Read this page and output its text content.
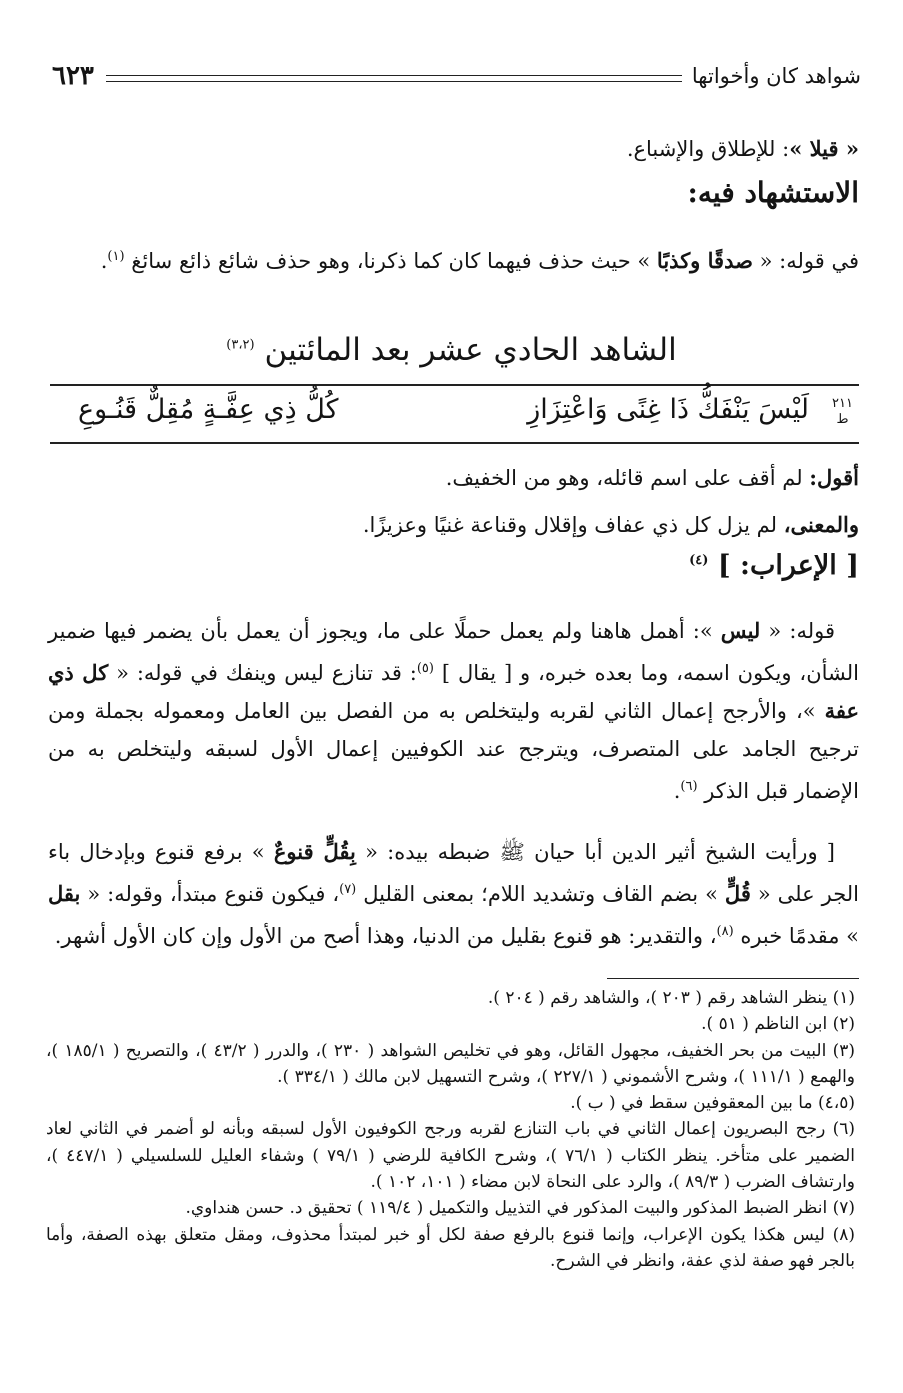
شواهد كان وأخواتها
٦٢٣
« قيلا »: للإطلاق والإشباع.
الاستشهاد فيه:
في قوله: « صدقًا وكذبًا » حيث حذف فيهما كان كما ذكرنا، وهو حذف شائع ذائع سائغ $^{(١)}$.
الشاهد الحادي عشر بعد المائتين $^{(٣،٢)}$
٢١١
ط
لَيْسَ يَنْفَكُّ ذَا غِنًى وَاعْتِزَازِ
كُلُّ ذِي عِفَّـةٍ مُقِلٌّ قَنُـوعِ
أقول: لم أقف على اسم قائله، وهو من الخفيف.
والمعنى، لم يزل كل ذي عفاف وإقلال وقناعة غنيًا وعزيزًا.
[ الإعراب: ] $^{(٤)}$
قوله: « ليس »: أهمل هاهنا ولم يعمل حملًا على ما، ويجوز أن يعمل بأن يضمر فيها ضمير الشأن، ويكون اسمه، وما بعده خبره، و [ يقال ] $^{(٥)}$: قد تنازع ليس وينفك في قوله: « كل ذي عفة »، والأرجح إعمال الثاني لقربه وليتخلص به من الفصل بين العامل ومعموله بجملة ومن ترجيح الجامد على المتصرف، ويترجح عند الكوفيين إعمال الأول لسبقه وليتخلص به من الإضمار قبل الذكر $^{(٦)}$.
[ ورأيت الشيخ أثير الدين أبا حيان ﷺ ضبطه بيده: « بِقُلٍّ قنوعٌ » برفع قنوع وبإدخال باء الجر على « قُلٍّ » بضم القاف وتشديد اللام؛ بمعنى القليل $^{(٧)}$، فيكون قنوع مبتدأ، وقوله: « بقل » مقدمًا خبره $^{(٨)}$، والتقدير: هو قنوع بقليل من الدنيا، وهذا أصح من الأول وإن كان الأول أشهر.
(١) ينظر الشاهد رقم ( ٢٠٣ )، والشاهد رقم ( ٢٠٤ ).
(٢) ابن الناظم ( ٥١ ).
(٣) البيت من بحر الخفيف، مجهول القائل، وهو في تخليص الشواهد ( ٢٣٠ )، والدرر ( ٤٣/٢ )، والتصريح ( ١٨٥/١ )، والهمع ( ١١١/١ )، وشرح الأشموني ( ٢٢٧/١ )، وشرح التسهيل لابن مالك ( ٣٣٤/١ ).
(٤،٥) ما بين المعقوفين سقط في ( ب ).
(٦) رجح البصريون إعمال الثاني في باب التنازع لقربه ورجح الكوفيون الأول لسبقه وبأنه لو أضمر في الثاني لعاد الضمير على متأخر. ينظر الكتاب ( ٧٦/١ )، وشرح الكافية للرضي ( ٧٩/١ ) وشفاء العليل للسلسيلي ( ٤٤٧/١ )، وارتشاف الضرب ( ٨٩/٣ )، والرد على النحاة لابن مضاء ( ١٠١، ١٠٢ ).
(٧) انظر الضبط المذكور والبيت المذكور في التذييل والتكميل ( ١١٩/٤ ) تحقيق د. حسن هنداوي.
(٨) ليس هكذا يكون الإعراب، وإنما قنوع بالرفع صفة لكل أو خبر لمبتدأ محذوف، ومقل متعلق بهذه الصفة، وأما بالجر فهو صفة لذي عفة، وانظر في الشرح.
